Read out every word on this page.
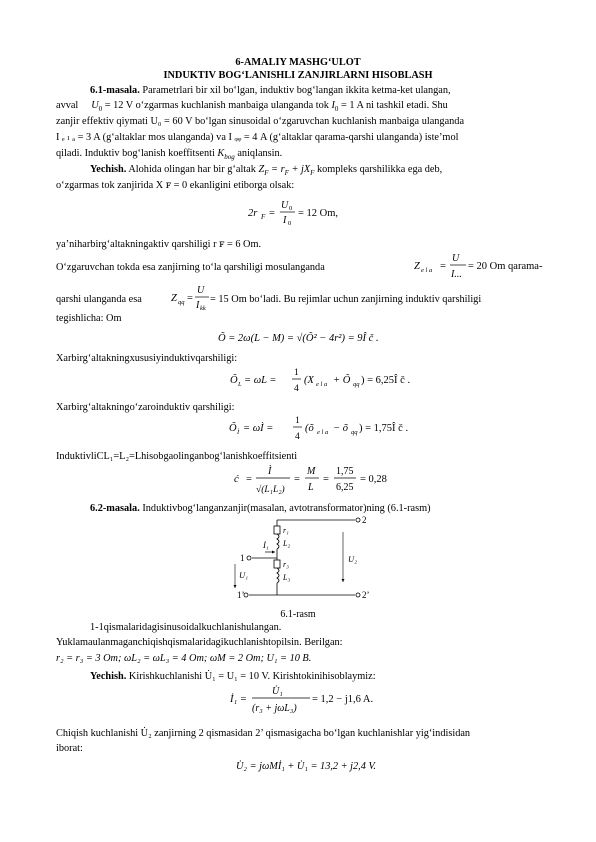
6-AMALIY MASHG‘ULOT
INDUKTIV BOG‘LANISHLI ZANJIRLARNI HISOBLASH
6.1-masala. Parametrlari bir xil bo‘lgan, induktiv bog‘langan ikkita ketma-ket ulangan,
avval $U_0 = 12$ V o‘zgarmas kuchlanish manbaiga ulanganda tok $I_0 = 1$ A ni tashkil etadi. Shu
zanjir effektiv qiymati U₀ = 60 V bo‘lgan sinusoidal o‘zgaruvchan kuchlanish manbaiga ulanganda
I ₑ ₗ ₐ = 3 A (g‘altaklar mos ulanganda) va I ᵩᵩ = 4 A (g‘altaklar qarama-qarshi ulanganda) iste’mol
qiladi. Induktiv bog‘lanish koeffitsenti $K_{bog}$ aniqlansin.
Yechish. Alohida olingan har bir g‘altak $Z_F = r_F + jX_F$ kompleks qarshilikka ega deb,
o‘zgarmas tok zanjirida X ꜰ = 0 ekanligini etiborga olsak:
2r F =
U 0
I 0
= 12 Om,
ya’niharbirg‘altakningaktiv qarshiligi r ꜰ = 6 Om.
O‘zgaruvchan tokda esa zanjirning to‘la qarshiligi mosulanganda	Z e l a =
U
I...
= 20 Om qarama-
qarshi ulanganda esa	Z qq =
U
I kk
= 15 Om bo‘ladi. Bu rejimlar uchun zanjirning induktiv qarshiligi
tegishlicha: Om
Õ = 2ω(L − M) = √(Õ² − 4r²) = 9Î č .
Xarbirg‘altakningxususiyinduktivqarshiligi:
Õ L = ωL =
1
4
(X e l a + Õ qq ) = 6,25Î č .
Xarbirg‘altakningo‘zaroinduktiv qarshiligi:
Õ Ì = ωÌ =
1
4
(õ e l a − õ qq ) = 1,75Î č .
InduktivliCL₁=L₂=Lhisobgaolinganbog‘lanishkoeffitsienti
ć =
Ì
√(L₁L₂)
=
M
L
=
1,75
6,25
= 0,28
6.2-masala. Induktivbog‘langanzanjir(masalan, avtotransformator)ning (6.1-rasm)
2
1
1’	2’
İ₁
U₁
U₂
r₁
L₂
r₃
L₃
6.1-rasm
1-1qismalaridagisinusoidalkuchlanishulangan.
Yuklamaulanmaganchiqishqismalaridagikuchlanishtopilsin. Berilgan:
r₂ = r₃ = 3 Om; ωL₂ = ωL₃ = 4 Om; ωM = 2 Om; U₁ = 10 B.
Yechish. Kirishkuchlanishi U̇₁ = U₁ = 10 V. Kirishtokinihisoblaymiz:
İ₁ =
U̇₁
(r₃ + jωL₃)
= 1,2 − j1,6 A.
Chiqish kuchlanishi U̇₂ zanjirning 2 qismasidan 2’ qismasigacha bo‘lgan kuchlanishlar yig‘indisidan
iborat:
U̇₂ = jωMİ₁ + U̇₁ = 13,2 + j2,4 V.
